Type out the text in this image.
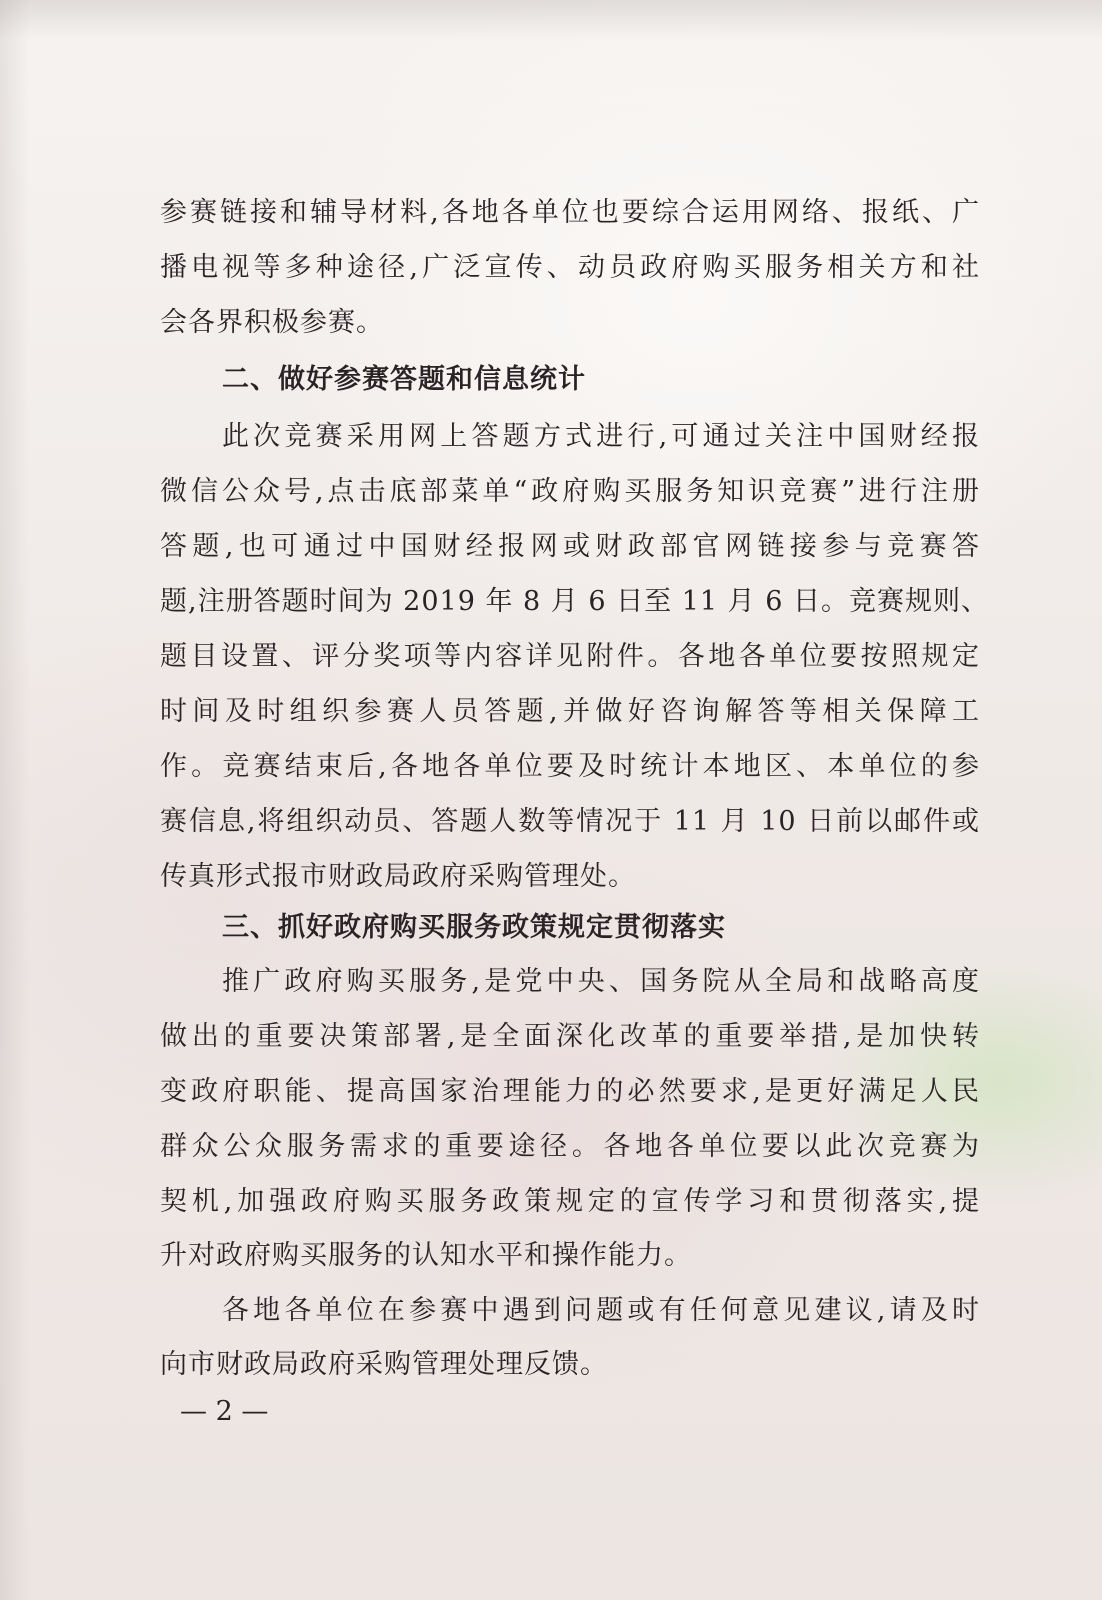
参赛链接和辅导材料,各地各单位也要综合运用网络、报纸、广
播电视等多种途径,广泛宣传、动员政府购买服务相关方和社
会各界积极参赛。
二、做好参赛答题和信息统计
此次竞赛采用网上答题方式进行,可通过关注中国财经报
微信公众号,点击底部菜单“政府购买服务知识竞赛”进行注册
答题,也可通过中国财经报网或财政部官网链接参与竞赛答
题,注册答题时间为 2019 年 8 月 6 日至 11 月 6 日。竞赛规则、
题目设置、评分奖项等内容详见附件。各地各单位要按照规定
时间及时组织参赛人员答题,并做好咨询解答等相关保障工
作。竞赛结束后,各地各单位要及时统计本地区、本单位的参
赛信息,将组织动员、答题人数等情况于 11 月 10 日前以邮件或
传真形式报市财政局政府采购管理处。
三、抓好政府购买服务政策规定贯彻落实
推广政府购买服务,是党中央、国务院从全局和战略高度
做出的重要决策部署,是全面深化改革的重要举措,是加快转
变政府职能、提高国家治理能力的必然要求,是更好满足人民
群众公众服务需求的重要途径。各地各单位要以此次竞赛为
契机,加强政府购买服务政策规定的宣传学习和贯彻落实,提
升对政府购买服务的认知水平和操作能力。
各地各单位在参赛中遇到问题或有任何意见建议,请及时
向市财政局政府采购管理处理反馈。
— 2 —
